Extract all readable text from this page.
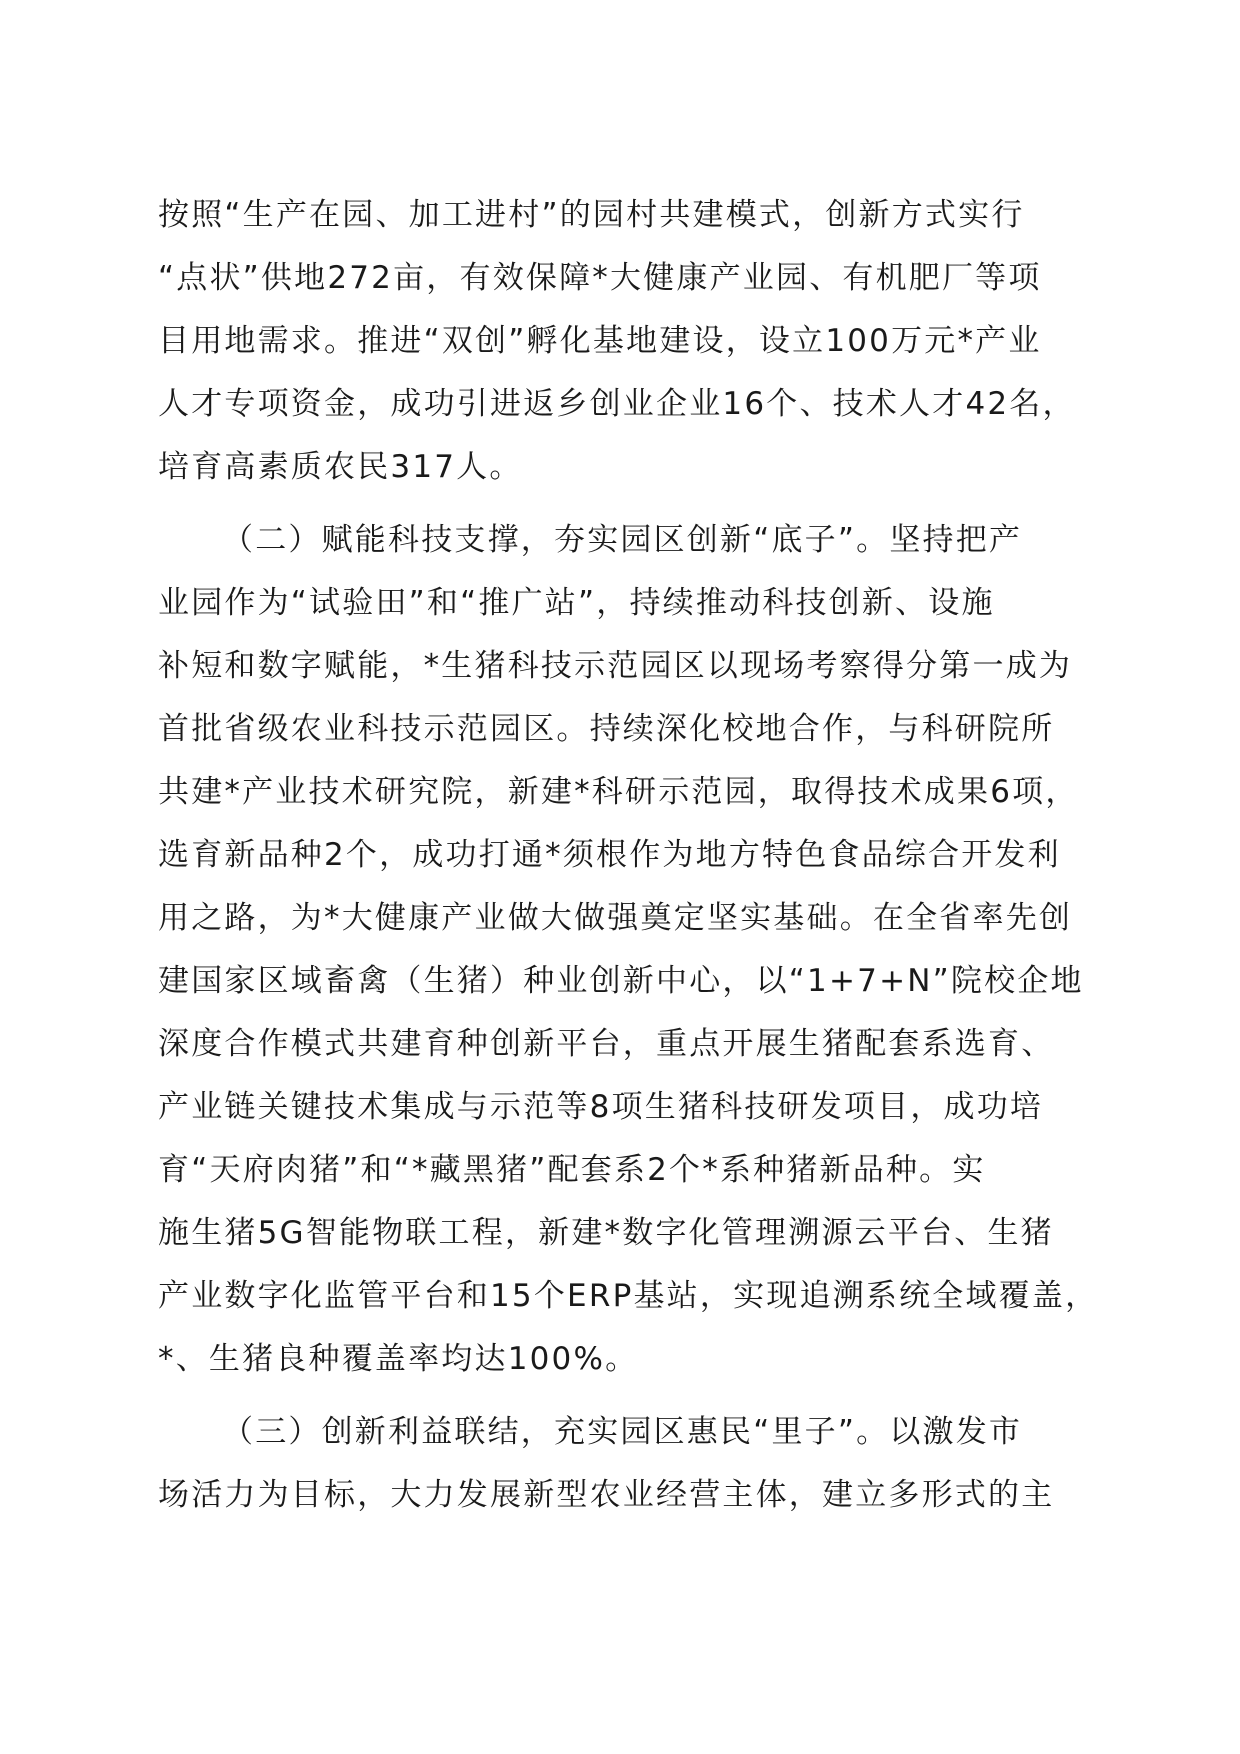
按照“生产在园、加工进村”的园村共建模式，创新方式实行
“点状”供地272亩，有效保障*大健康产业园、有机肥厂等项
目用地需求。推进“双创”孵化基地建设，设立100万元*产业
人才专项资金，成功引进返乡创业企业16个、技术人才42名，
培育高素质农民317人。
（二）赋能科技支撑，夯实园区创新“底子”。坚持把产
业园作为“试验田”和“推广站”，持续推动科技创新、设施
补短和数字赋能，*生猪科技示范园区以现场考察得分第一成为
首批省级农业科技示范园区。持续深化校地合作，与科研院所
共建*产业技术研究院，新建*科研示范园，取得技术成果6项，
选育新品种2个，成功打通*须根作为地方特色食品综合开发利
用之路，为*大健康产业做大做强奠定坚实基础。在全省率先创
建国家区域畜禽（生猪）种业创新中心，以“1+7+N”院校企地
深度合作模式共建育种创新平台，重点开展生猪配套系选育、
产业链关键技术集成与示范等8项生猪科技研发项目，成功培
育“天府肉猪”和“*藏黑猪”配套系2个*系种猪新品种。实
施生猪5G智能物联工程，新建*数字化管理溯源云平台、生猪
产业数字化监管平台和15个ERP基站，实现追溯系统全域覆盖，
*、生猪良种覆盖率均达100%。
（三）创新利益联结，充实园区惠民“里子”。以激发市
场活力为目标，大力发展新型农业经营主体，建立多形式的主
